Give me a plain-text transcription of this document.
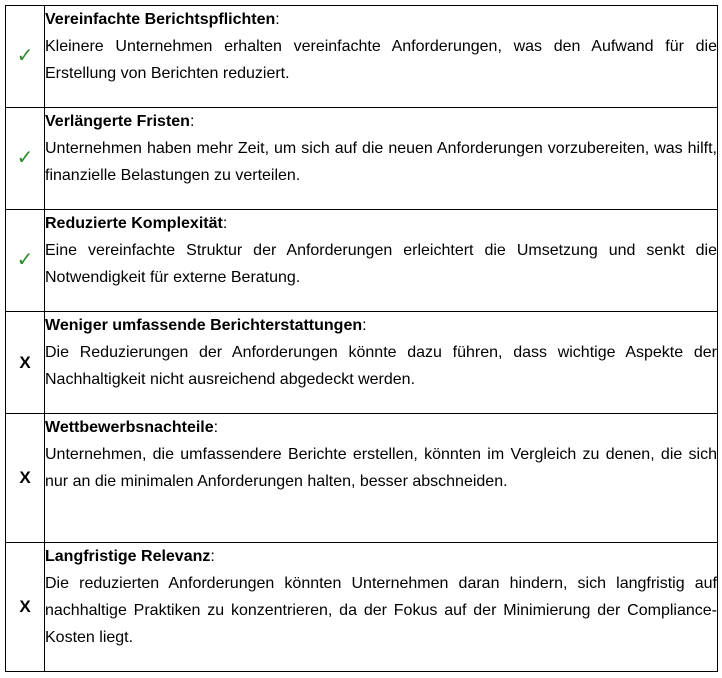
✓	Vereinfachte Berichtspflichten:
Kleinere Unternehmen erhalten vereinfachte Anforderungen, was den Aufwand für die Erstellung von Berichten reduziert.

✓	Verlängerte Fristen:
Unternehmen haben mehr Zeit, um sich auf die neuen Anforderungen vorzubereiten, was hilft, finanzielle Belastungen zu verteilen.

✓	Reduzierte Komplexität:
Eine vereinfachte Struktur der Anforderungen erleichtert die Umsetzung und senkt die Notwendigkeit für externe Beratung.

X	Weniger umfassende Berichterstattungen:
Die Reduzierungen der Anforderungen könnte dazu führen, dass wichtige Aspekte der Nachhaltigkeit nicht ausreichend abgedeckt werden.

X	Wettbewerbsnachteile:
Unternehmen, die umfassendere Berichte erstellen, könnten im Vergleich zu denen, die sich nur an die minimalen Anforderungen halten, besser abschneiden.

X	Langfristige Relevanz:
Die reduzierten Anforderungen könnten Unternehmen daran hindern, sich langfristig auf nachhaltige Praktiken zu konzentrieren, da der Fokus auf der Minimierung der Compliance-Kosten liegt.
